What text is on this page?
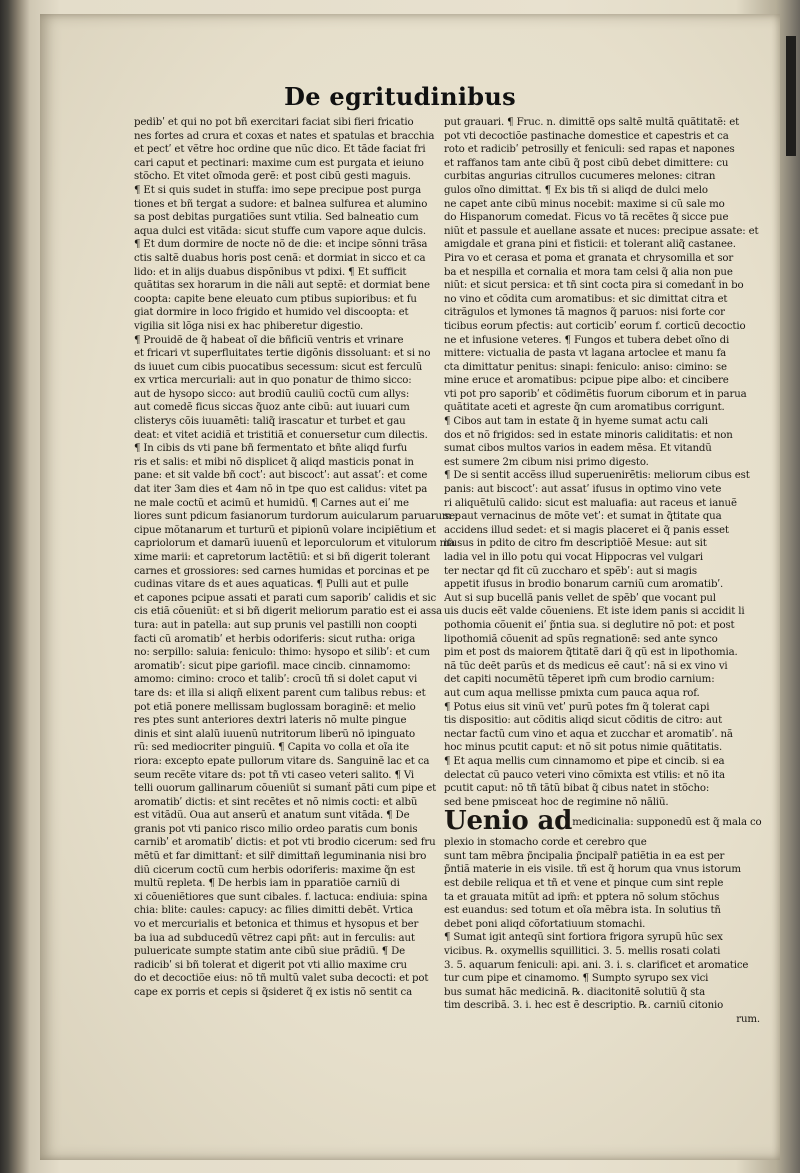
De egritudinibus
pedibʹ et qui no pot bñ exercitari faciat sibi fieri fricatio
nes fortes ad crura et coxas et nates et spatulas et bracchia
et pectʹ et vẽtre hoc ordine que nũc dico. Et tãde faciat fri
cari caput et pectinari: maxime cum est purgata et ieiuno
stõcho. Et vitet oĩmoda gerẽ: et post cibũ gesti maguis.
¶ Et si quis sudet in stuffa: imo sepe precipue post purga
tiones et bñ tergat a sudore: et balnea sulfurea et alumino
sa post debitas purgatiões sunt vtilia. Sed balneatio cum
aqua dulci est vitãda: sicut stuffe cum vapore aque dulcis.
¶ Et dum dormire de nocte nõ de die: et incipe sõnni trãsa
ctis saltẽ duabus horis post cenã: et dormiat in sicco et ca
lido: et in alijs duabus dispõnibus vt pdixi. ¶ Et sufficit
quãtitas sex horarum in die nãli aut septẽ: et dormiat bene
coopta: capite bene eleuato cum ptibus supioribus: et fu
giat dormire in loco frigido et humido vel discoopta: et
vigilia sit lõga nisi ex hac phiberetur digestio.
¶ Prouidẽ de q̃ habeat oĩ die bñficiũ ventris et vrinare
et fricari vt superfluitates tertie digõnis dissoluant: et si no
ds iuuet cum cibis puocatibus secessum: sicut est ferculũ
ex vrtica mercuriali: aut in quo ponatur de thimo sicco:
aut de hysopo sicco: aut brodiũ cauliũ coctũ cum allys:
aut comedẽ ficus siccas q̃uoz ante cibũ: aut iuuari cum
clisterys cõis iuuamẽti: taliq̃ irascatur et turbet et gau
deat: et vitet acidiã et tristitiã et conuersetur cum dilectis.
¶ In cibis ds vti pane bñ fermentato et bñte aliqd furfu
ris et salis: et mibi nõ displicet q̃ aliqd masticis ponat in
pane: et sit valde bñ coctʹ: aut biscoctʹ: aut assatʹ: et come
dat iter 3am dies et 4am nõ in tpe quo est calidus: vitet pa
ne male coctũ et acimũ et humidũ. ¶ Carnes aut eiʹ me
liores sunt pdicum fasianorum turdorum auicularum paruarum p
cipue mõtanarum et turturũ et pipionũ volare incipiẽtium et
capriolorum et damarũ iuuenũ et leporculorum et vitulorum ma
xime marii: et capretorum lactẽtiũ: et si bñ digerit tolerant
carnes et grossiores: sed carnes humidas et porcinas et pe
cudinas vitare ds et aues aquaticas. ¶ Pulli aut et pulle
et capones pcipue assati et parati cum saporibʹ calidis et sic
cis etiã cõueniũt: et si bñ digerit meliorum paratio est ei assa
tura: aut in patella: aut sup prunis vel pastilli non coopti
facti cũ aromatibʹ et herbis odoriferis: sicut rutha: origa
no: serpillo: saluia: feniculo: thimo: hysopo et silibʹ: et cum
aromatibʹ: sicut pipe gariofil. mace cincib. cinnamomo:
amomo: cimino: croco et talibʹ: crocũ tñ si dolet caput vi
tare ds: et illa si aliqñ elixent parent cum talibus rebus: et
pot etiã ponere mellissam buglossam boraginẽ: et melio
res ptes sunt anteriores dextri lateris nõ multe pingue
dinis et sint alalũ iuuenũ nutritorum liberũ nõ ipinguato
rũ: sed mediocriter pinguiũ. ¶ Capita vo colla et oĩa ite
riora: excepto epate pullorum vitare ds. Sanguinẽ lac et ca
seum recẽte vitare ds: pot tñ vti caseo veteri salito. ¶ Vi
telli ouorum gallinarum cõueniũt si sumant̃ pãti cum pipe et
aromatibʹ dictis: et sint recẽtes et nõ nimis cocti: et albũ
est vitãdũ. Oua aut anserũ et anatum sunt vitãda. ¶ De
granis pot vti panico risco milio ordeo paratis cum bonis
carnibʹ et aromatibʹ dictis: et pot vti brodio cicerum: sed fru
mẽtũ et far dimittant̃: et silr̃ dimittañ leguminania nisi bro
diũ cicerum coctũ cum herbis odoriferis: maxime q̃n est
multũ repleta. ¶ De herbis iam in pparatiõe carniũ di
xi cõueniẽtiores que sunt cibales. f. lactuca: endiuia: spina
chia: blite: caules: capucy: ac filies dimitti debẽt. Vrtica
vo et mercurialis et betonica et thimus et hysopus et ber
ba iua ad subducedũ vẽtrez capi pñt: aut in ferculis: aut
puluericate sumpte statim ante cibũ siue prãdiũ. ¶ De
radicibʹ si bñ tolerat et digerit pot vti allio maxime cru
do et decoctiõe eius: nõ tñ multũ valet suba decocti: et pot
cape ex porris et cepis si q̃sideret q̃ ex istis nõ sentit ca
put grauari. ¶ Fruc. n. dimittẽ ops saltẽ multã quãtitatẽ: et
pot vti decoctiõe pastinache domestice et capestris et ca
roto et radicibʹ petrosilly et feniculi: sed rapas et napones
et raffanos tam ante cibũ q̃ post cibũ debet dimittere: cu
curbitas angurias citrullos cucumeres melones: citran
gulos oĩno dimittat. ¶ Ex bis tñ si aliqd de dulci melo
ne capet ante cibũ minus nocebit: maxime si cũ sale mo
do Hispanorum comedat. Ficus vo tã recẽtes q̃ sicce pue
niũt et passule et auellane assate et nuces: precipue assate: et
amigdale et grana pini et fisticii: et tolerant aliq̃ castanee.
Pira vo et cerasa et poma et granata et chrysomilla et sor
ba et nespilla et cornalia et mora tam celsi q̃ alia non pue
niũt: et sicut persica: et tñ sint cocta pira si comedant̃ in bo
no vino et cõdita cum aromatibus: et sic dimittat citra et
citrãgulos et lymones tã magnos q̃ paruos: nisi forte cor
ticibus eorum pfectis: aut corticibʹ eorum f. corticũ decoctio
ne et infusione veteres. ¶ Fungos et tubera debet oĩno di
mittere: victualia de pasta vt lagana artoclee et manu fa
cta dimittatur penitus: sinapi: feniculo: aniso: cimino: se
mine eruce et aromatibus: pcipue pipe albo: et cincibere
vti pot pro saporibʹ et cõdimẽtis fuorum ciborum et in parua
quãtitate aceti et agreste q̃n cum aromatibus corrigunt.
¶ Cibos aut tam in estate q̃ in hyeme sumat actu cali
dos et nõ frigidos: sed in estate minoris caliditatis: et non
sumat cibos multos varios in eadem mẽsa. Et vitandũ
est sumere 2m cibum nisi primo digesto.
¶ De si sentit accẽss illud superuenirẽtis: meliorum cibus est
panis: aut biscoctʹ: aut assatʹ ifusus in optimo vino vete
ri aliquẽtulũ calido: sicut est maluafia: aut raceus et ianuẽ
se: aut vernacinus de mõte vetʹ: et sumat in q̃titate qua
accidens illud sedet: et si magis placeret ei q̃ panis esset
ifusus in pdito de citro fm descriptiõẽ Mesue: aut sit
ladia vel in illo potu qui vocat Hippocras vel vulgari
ter nectar qd fit cũ zuccharo et spẽbʹ: aut si magis
appetit ifusus in brodio bonarum carniũ cum aromatibʹ.
Aut si sup bucellã panis vellet de spẽbʹ que vocant pul
uis ducis eẽt valde cõueniens. Et iste idem panis si accidit li
pothomia cõuenit eiʹ p̃ntia sua. si deglutire nõ pot: et post
lipothomiã cõuenit ad spũs regnationẽ: sed ante synco
pim et post ds maiorem q̃titatẽ dari q̃ qũ est in lipothomia.
nã tũc deẽt parũs et ds medicus eẽ cautʹ: nã si ex vino vi
det capiti nocumẽtũ tẽperet ipm̃ cum brodio carnium:
aut cum aqua mellisse pmixta cum pauca aqua rof.
¶ Potus eius sit vinũ vetʹ purũ potes fm q̃ tolerat capi
tis dispositio: aut cõditis aliqd sicut cõditis de citro: aut
nectar factũ cum vino et aqua et zucchar et aromatibʹ. nã
hoc minus pcutit caput: et nõ sit potus nimie quãtitatis.
¶ Et aqua mellis cum cinnamomo et pipe et cincib. si ea
delectat cũ pauco veteri vino cõmixta est vtilis: et nõ ita
pcutit caput: nõ tñ tãtũ bibat q̃ cibus natet in stõcho:
sed bene pmisceat hoc de regimine nõ nãliũ.
Uenio admedicinalia: supponedũ est q̃ mala co
plexio in stomacho corde et cerebro que
sunt tam mẽbra p̃ncipalia p̃ncipalr̃ patiẽtia in ea est per
p̃ntiã materie in eis visile. tñ est q̃ horum qua vnus istorum
est debile reliqua et tñ et vene et pinque cum sint reple
ta et grauata mitũt ad ipm̃: et pptera nõ solum stõchus
est euandus: sed totum et oĩa mẽbra ista. In solutius tñ
debet poni aliqd cõfortatiuum stomachi.
¶ Sumat igit anteqũ sint fortiora frigora syrupũ hũc sex
vicibus. ℞. oxymellis squillitici. 3. 5. mellis rosati colati
3. 5. aquarum feniculi: api. ani. 3. i. s. clarificet et aromatice
tur cum pipe et cinamomo. ¶ Sumpto syrupo sex vici
bus sumat hãc medicinã. ℞. diacitonitẽ solutiũ q̃ sta
tim describã. 3. i. hec est ẽ descriptio. ℞. carniũ citonio
rum.
